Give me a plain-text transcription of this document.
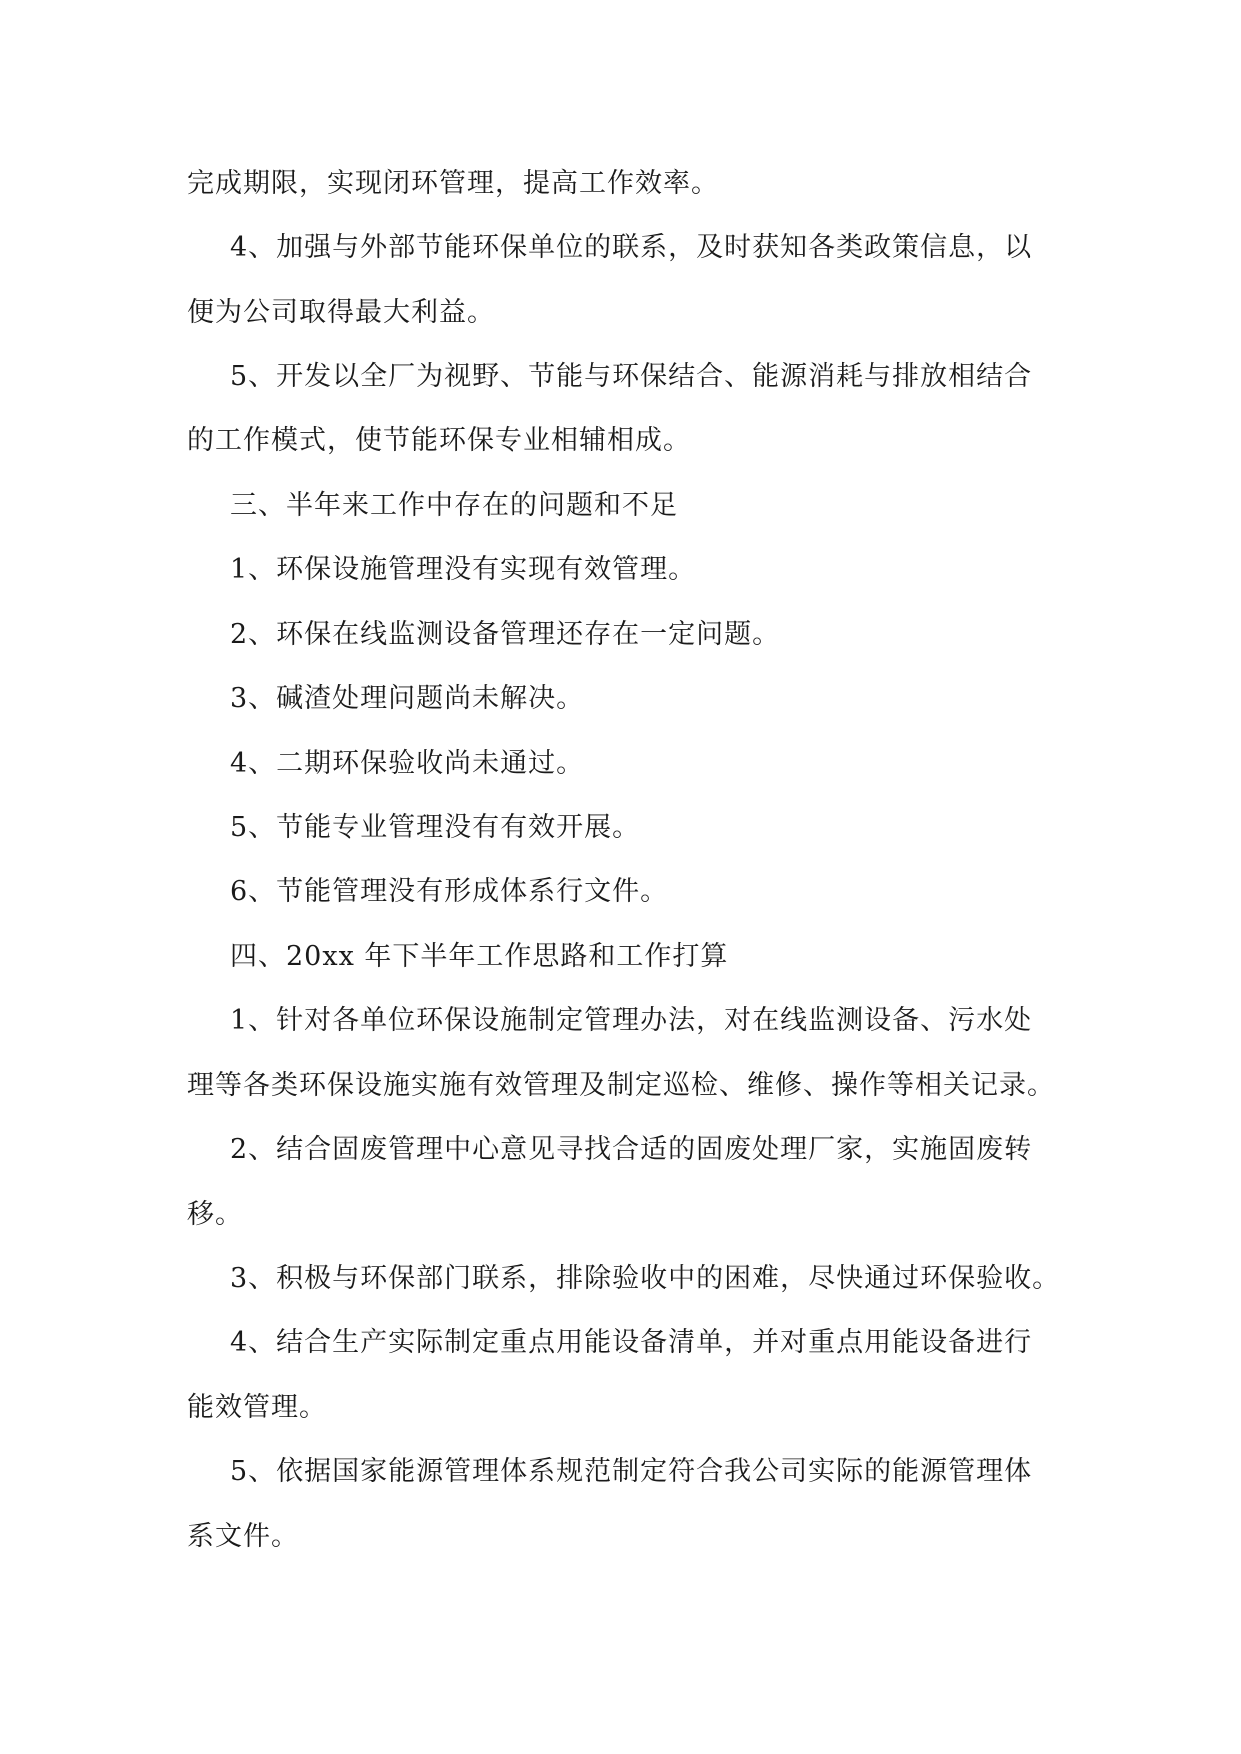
完成期限，实现闭环管理，提高工作效率。
4、加强与外部节能环保单位的联系，及时获知各类政策信息，以
便为公司取得最大利益。
5、开发以全厂为视野、节能与环保结合、能源消耗与排放相结合
的工作模式，使节能环保专业相辅相成。
三、半年来工作中存在的问题和不足
1、环保设施管理没有实现有效管理。
2、环保在线监测设备管理还存在一定问题。
3、碱渣处理问题尚未解决。
4、二期环保验收尚未通过。
5、节能专业管理没有有效开展。
6、节能管理没有形成体系行文件。
四、20xx 年下半年工作思路和工作打算
1、针对各单位环保设施制定管理办法，对在线监测设备、污水处
理等各类环保设施实施有效管理及制定巡检、维修、操作等相关记录。
2、结合固废管理中心意见寻找合适的固废处理厂家，实施固废转
移。
3、积极与环保部门联系，排除验收中的困难，尽快通过环保验收。
4、结合生产实际制定重点用能设备清单，并对重点用能设备进行
能效管理。
5、依据国家能源管理体系规范制定符合我公司实际的能源管理体
系文件。
